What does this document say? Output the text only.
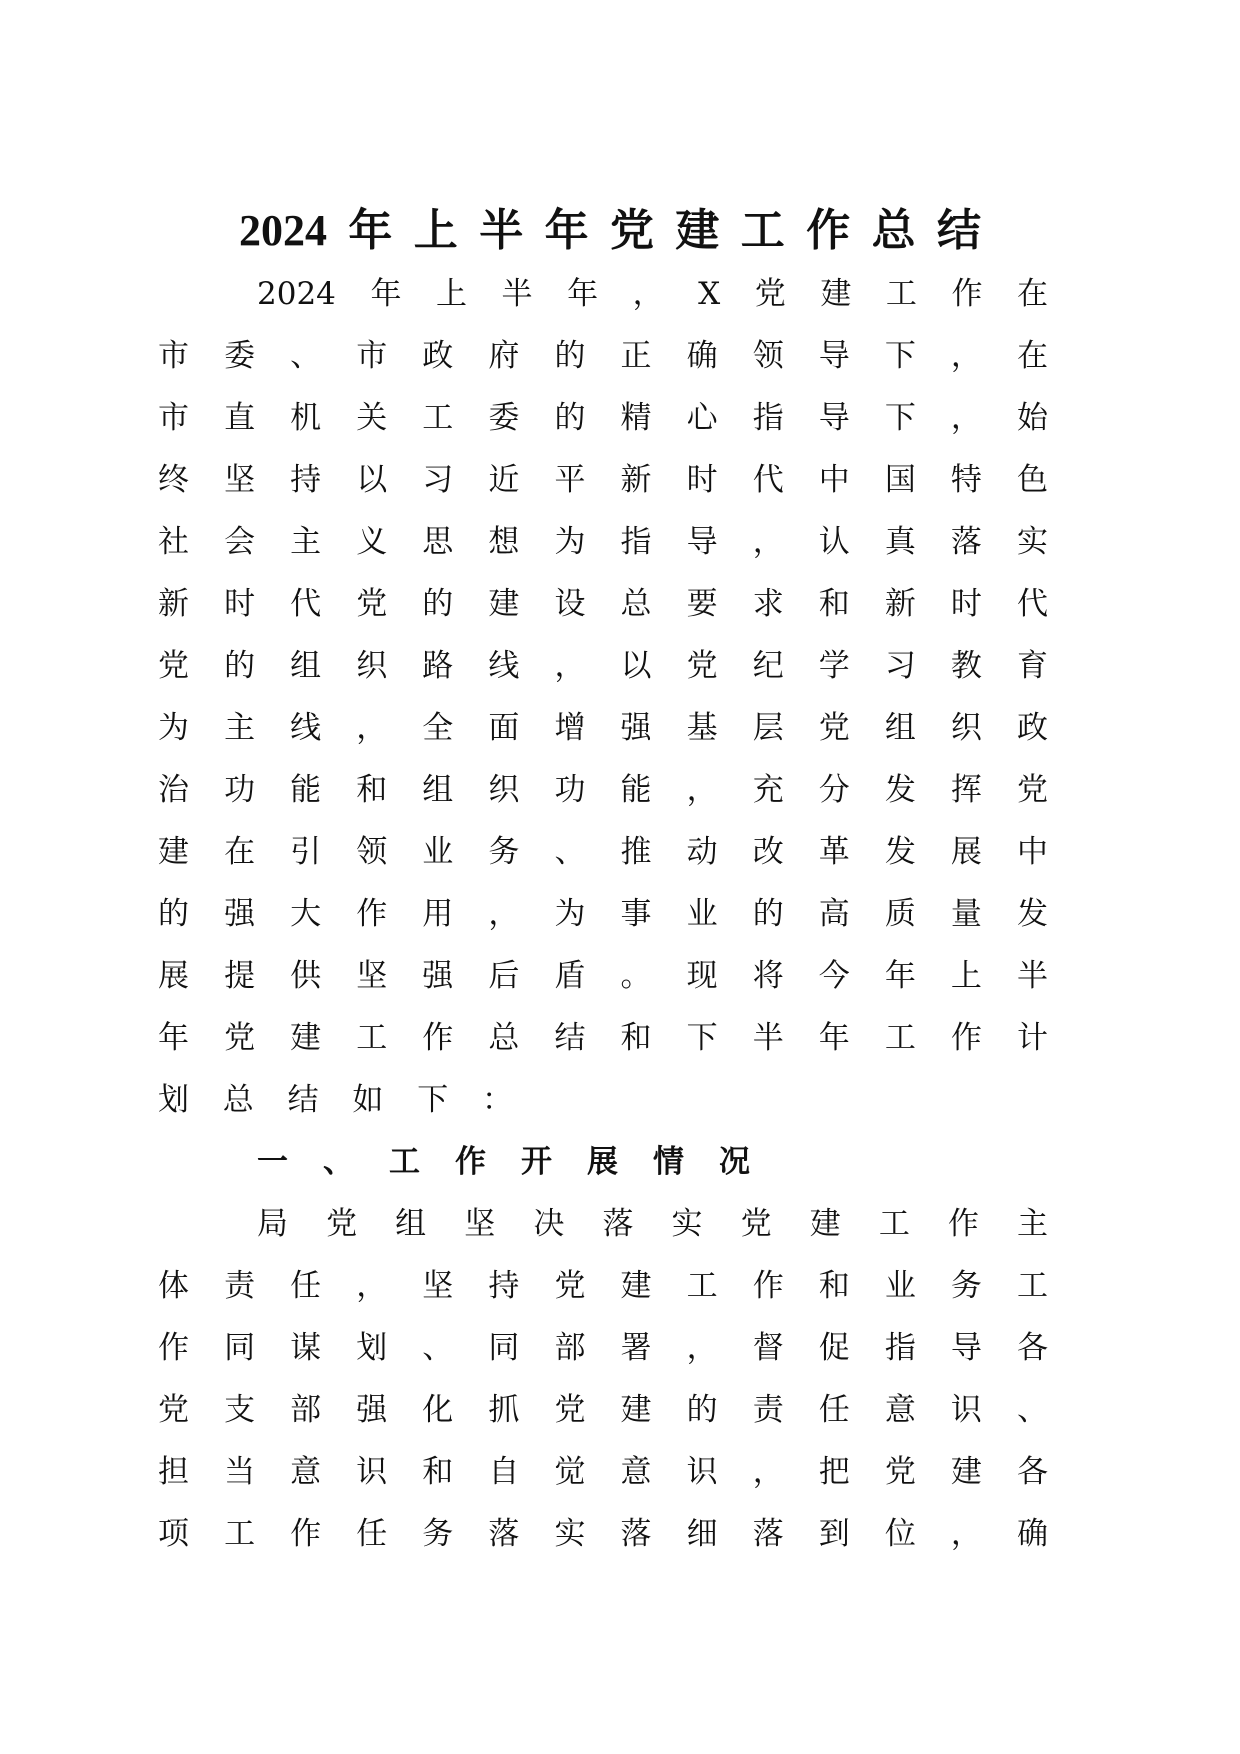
2024年上半年党建工作总结
2024年上半年，X党建工作在
市委、市政府的正确领导下，在
市直机关工委的精心指导下，始
终坚持以习近平新时代中国特色
社会主义思想为指导，认真落实
新时代党的建设总要求和新时代
党的组织路线，以党纪学习教育
为主线，全面增强基层党组织政
治功能和组织功能，充分发挥党
建在引领业务、推动改革发展中
的强大作用，为事业的高质量发
展提供坚强后盾。现将今年上半
年党建工作总结和下半年工作计
划总结如下：
一、工作开展情况
局党组坚决落实党建工作主
体责任，坚持党建工作和业务工
作同谋划、同部署，督促指导各
党支部强化抓党建的责任意识、
担当意识和自觉意识，把党建各
项工作任务落实落细落到位，确
